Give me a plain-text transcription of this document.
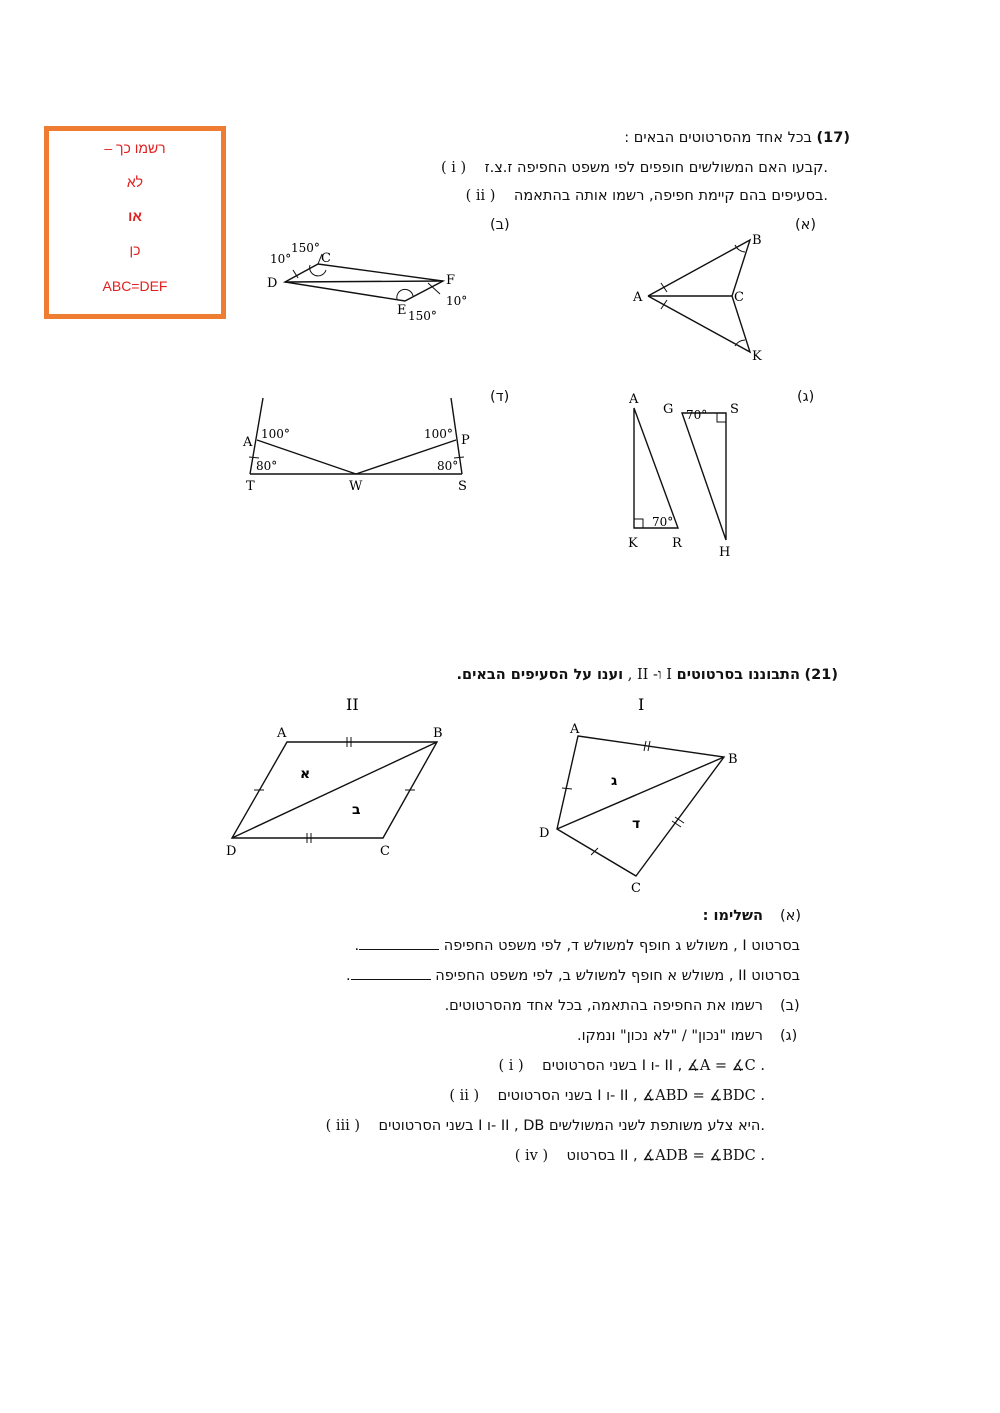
רשמו כך –
לא
או
כן
ABC=DEF
(17) בכל אחד מהסרטוטים הבאים :
( i ) קבעו האם המשולשים חופפים לפי משפט החפיפה ז.צ.ז.
( ii ) בסעיפים בהם קיימת חפיפה, רשמו אותה בהתאמה.
(א)
(ב)
(ג)
(ד)
A
B
C
K
C
D
E
F
150°
10°
10°
150°
A
K	R
G	S
H
70°
70°
A
T	W	S
P
100°
80°
100°
80°
(21) התבוננו בסרטוטים I ו- II , וענו על הסעיפים הבאים.
II	I
A	B
C
D
א
ב
A
B
C
D
ג
ד
(א)
השלימו :
בסרטוט I , משולש ג חופף למשולש ד, לפי משפט החפיפה .
בסרטוט II , משולש א חופף למשולש ב, לפי משפט החפיפה .
(ב)
רשמו את החפיפה בהתאמה, בכל אחד מהסרטוטים.
(ג)
רשמו "נכון" / "לא נכון" ונמקו.
( i ) בשני הסרטוטים I ו- II , ∡A = ∡C .
( ii ) בשני הסרטוטים I ו- II , ∡ABD = ∡BDC .
( iii ) בשני הסרטוטים I ו- II , DB היא צלע משותפת לשני המשולשים.
( iv ) בסרטוט II , ∡ADB = ∡BDC .
